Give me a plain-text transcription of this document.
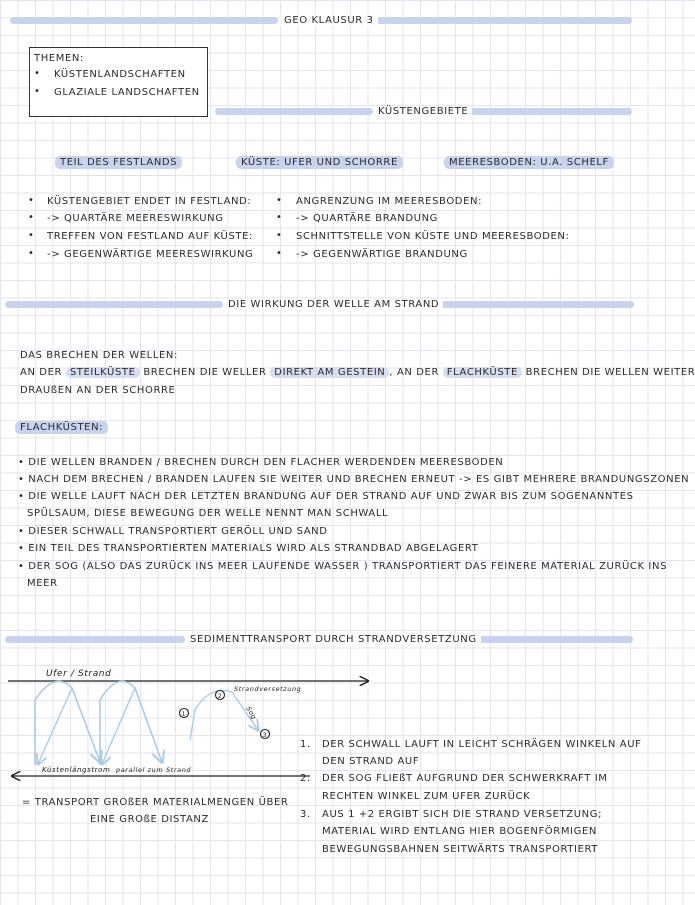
GEO KLAUSUR 3
THEMEN:
• KÜSTENLANDSCHAFTEN
• GLAZIALE LANDSCHAFTEN
KÜSTENGEBIETE
TEIL DES FESTLANDS	KÜSTE: UFER UND SCHORRE	MEERESBODEN: U.A. SCHELF
• KÜSTENGEBIET ENDET IN FESTLAND:
• -> QUARTÄRE MEERESWIRKUNG
• TREFFEN VON FESTLAND AUF KÜSTE:
• -> GEGENWÄRTIGE MEERESWIRKUNG
• ANGRENZUNG IM MEERESBODEN:
• -> QUARTÄRE BRANDUNG
• SCHNITTSTELLE VON KÜSTE UND MEERESBODEN:
• -> GEGENWÄRTIGE BRANDUNG
DIE WIRKUNG DER WELLE AM STRAND
DAS BRECHEN DER WELLEN:
AN DER STEILKÜSTE BRECHEN DIE WELLER DIREKT AM GESTEIN , AN DER FLACHKÜSTE BRECHEN DIE WELLEN WEITER
DRAUßEN AN DER SCHORRE
FLACHKÜSTEN:
• DIE WELLEN BRANDEN / BRECHEN DURCH DEN FLACHER WERDENDEN MEERESBODEN
• NACH DEM BRECHEN / BRANDEN LAUFEN SIE WEITER UND BRECHEN ERNEUT -> ES GIBT MEHRERE BRANDUNGSZONEN
• DIE WELLE LAUFT NACH DER LETZTEN BRANDUNG AUF DER STRAND AUF UND ZWAR BIS ZUM SOGENANNTES
SPÜLSAUM, DIESE BEWEGUNG DER WELLE NENNT MAN SCHWALL
• DIESER SCHWALL TRANSPORTIERT GERÖLL UND SAND
• EIN TEIL DES TRANSPORTIERTEN MATERIALS WIRD ALS STRANDBAD ABGELAGERT
• DER SOG (ALSO DAS ZURÜCK INS MEER LAUFENDE WASSER ) TRANSPORTIERT DAS FEINERE MATERIAL ZURÜCK INS
MEER
SEDIMENTTRANSPORT DURCH STRANDVERSETZUNG
1
2
3
Ufer / Strand
Strandversetzung
Sog
Küstenlängstrom parallel zum Strand
= TRANSPORT GROßER MATERIALMENGEN ÜBER
EINE GROßE DISTANZ
1. DER SCHWALL LAUFT IN LEICHT SCHRÄGEN WINKELN AUF
DEN STRAND AUF
2. DER SOG FLIEßT AUFGRUND DER SCHWERKRAFT IM
RECHTEN WINKEL ZUM UFER ZURÜCK
3. AUS 1 +2 ERGIBT SICH DIE STRAND VERSETZUNG;
MATERIAL WIRD ENTLANG HIER BOGENFÖRMIGEN
BEWEGUNGSBAHNEN SEITWÄRTS TRANSPORTIERT
